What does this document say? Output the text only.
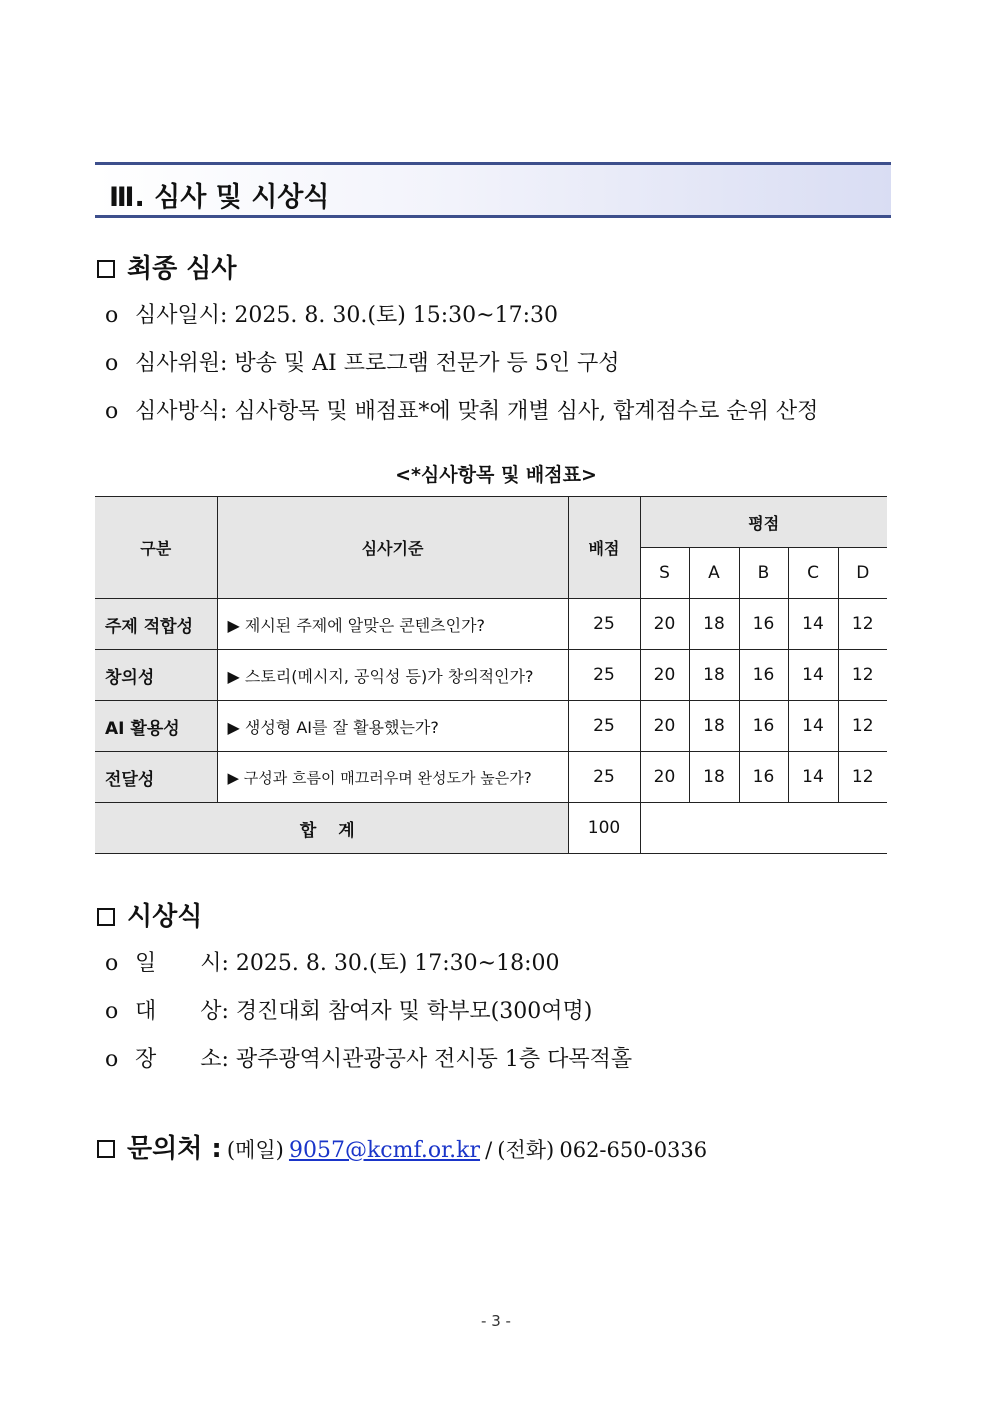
Ⅲ. 심사 및 시상식
최종 심사
o 심사일시: 2025. 8. 30.(토) 15:30~17:30
o 심사위원: 방송 및 AI 프로그램 전문가 등 5인 구성
o 심사방식: 심사항목 및 배점표*에 맞춰 개별 심사, 합계점수로 순위 산정
<*심사항목 및 배점표>
구분	심사기준	배점	평점				
			S	A	B	C	D
주제 적합성	▶ 제시된 주제에 알맞은 콘텐츠인가?	25	20	18	16	14	12
창의성	▶ 스토리(메시지, 공익성 등)가 창의적인가?	25	20	18	16	14	12
AI 활용성	▶ 생성형 AI를 잘 활용했는가?	25	20	18	16	14	12
전달성	▶ 구성과 흐름이 매끄러우며 완성도가 높은가?	25	20	18	16	14	12
합 계		100					
시상식
o 일　　시: 2025. 8. 30.(토) 17:30~18:00
o 대　　상: 경진대회 참여자 및 학부모(300여명)
o 장　　소: 광주광역시관광공사 전시동 1층 다목적홀
문의처 : (메일) 9057@kcmf.or.kr / (전화) 062-650-0336
- 3 -
